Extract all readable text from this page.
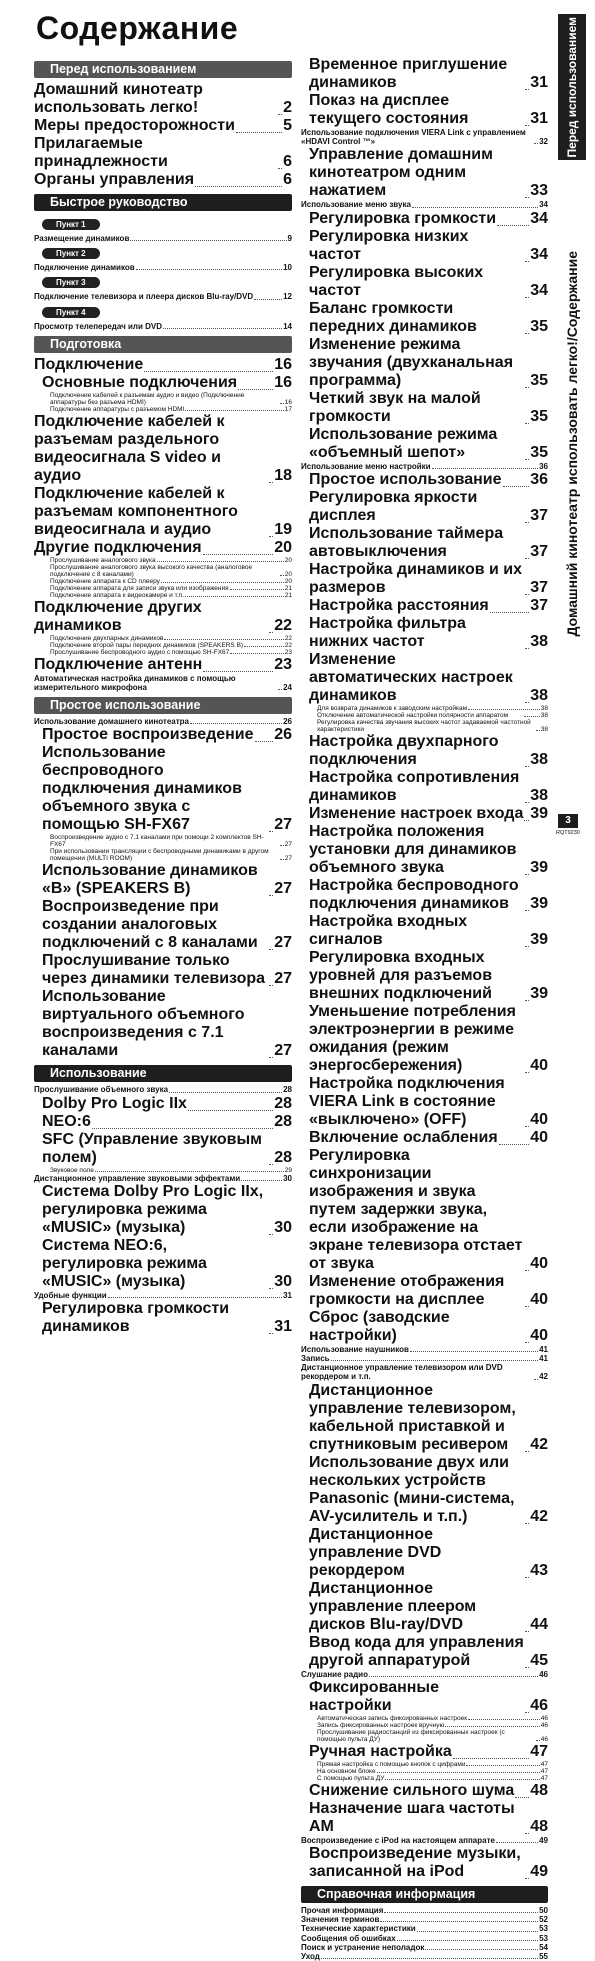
Содержание
Перед использованием
Домашний кинотеатр использовать легко!	2
Меры предосторожности	5
Прилагаемые принадлежности	6
Органы управления	6
Быстрое руководство
Пункт 1
Размещение динамиков	9
Пункт 2
Подключение динамиков	10
Пункт 3
Подключение телевизора и плеера дисков Blu-ray/DVD	12
Пункт 4
Просмотр телепередач или DVD	14
Подготовка
Подключение	16
Основные подключения 16
Подключение кабелей к разъемам аудио и видео (Подключение аппаратуры без разъема HDMI)	16
Подключение аппаратуры с разъемом HDMI	17
Подключение кабелей к разъемам раздельного видеосигнала S video и аудио	18
Подключение кабелей к разъемам компонентного видеосигнала и аудио	19
Другие подключения	20
Прослушивание аналогового звука	20
Прослушивание аналогового звука высокого качества (аналоговое подключение с 8 каналами)	20
Подключение аппарата к CD плееру	20
Подключение аппарата для записи звука или изображения	21
Подключение аппарата к видеокамере и т.п.	21
Подключение других динамиков	22
Подключение двухпарных динамиков	22
Подключение второй пары передних динамиков (SPEAKERS B)	22
Прослушивание беспроводного аудио с помощью SH-FX67	23
Подключение антенн	23
Автоматическая настройка динамиков с помощью измерительного микрофона	24
Простое использование
Использование домашнего кинотеатра	26
Простое воспроизведение 26
Использование беспроводного подключения динамиков объемного звука с помощью SH-FX67	27
Воспроизведение аудио с 7.1 каналами при помощи 2 комплектов SH-FX67	27
При использовании трансляции с беспроводными динамиками в другом помещении (MULTI ROOM)	27
Использование динамиков «B» (SPEAKERS B)	27
Воспроизведение при создании аналоговых подключений с 8 каналами	27
Прослушивание только через динамики телевизора 27
Использование виртуального объемного воспроизведения с 7.1 каналами	27
Использование
Прослушивание объемного звука	28
Dolby Pro Logic IIx	28
NEO:6	28
SFC (Управление звуковым полем)	28
Звуковое поле	29
Дистанционное управление звуковыми эффектами	30
Система Dolby Pro Logic IIx, регулировка режима «MUSIC» (музыка)	30
Система NEO:6, регулировка режима «MUSIC» (музыка)	30
Удобные функции	31
Регулировка громкости динамиков	31
Временное приглушение динамиков	31
Показ на дисплее текущего состояния	31
Использование подключения VIERA Link с управлением «HDAVI Control ™»	32
Управление домашним кинотеатром одним нажатием	33
Использование меню звука	34
Регулировка громкости 34
Регулировка низких частот	34
Регулировка высоких частот	34
Баланс громкости передних динамиков	35
Изменение режима звучания (двухканальная программа)	35
Четкий звук на малой громкости	35
Использование режима «объемный шепот»	35
Использование меню настройки	36
Простое использование 36
Регулировка яркости дисплея	37
Использование таймера автовыключения	37
Настройка динамиков и их размеров	37
Настройка расстояния	37
Настройка фильтра нижних частот	38
Изменение автоматических настроек динамиков	38
Для возврата динамиков к заводским настройкам	38
Отключение автоматической настройки полярности аппаратом	38
Регулировка качества звучания высоких частот задаваемой частотной характеристики	38
Настройка двухпарного подключения	38
Настройка сопротивления динамиков	38
Изменение настроек входа 39
Настройка положения установки для динамиков объемного звука	39
Настройка беспроводного подключения динамиков	39
Настройка входных сигналов	39
Регулировка входных уровней для разъемов внешних подключений	39
Уменьшение потребления электроэнергии в режиме ожидания (режим энергосбережения)	40
Настройка подключения VIERA Link в состояние «выключено» (OFF)	40
Включение ослабления 40
Регулировка синхронизации изображения и звука путем задержки звука, если изображение на экране телевизора отстает от звука	40
Изменение отображения громкости на дисплее	40
Сброс (заводские настройки)	40
Использование наушников	41
Запись	41
Дистанционное управление телевизором или DVD рекордером и т.п.	42
Дистанционное управление телевизором, кабельной приставкой и спутниковым ресивером	42
Использование двух или нескольких устройств Panasonic (мини-система, AV-усилитель и т.п.)	42
Дистанционное управление DVD рекордером	43
Дистанционное управление плеером дисков Blu-ray/DVD	44
Ввод кода для управления другой аппаратурой	45
Слушание радио	46
Фиксированные настройки	46
Автоматическая запись фиксированных настроек	46
Запись фиксированных настроек вручную	46
Прослушивание радиостанций из фиксированных настроек (с помощью пульта ДУ)	46
Ручная настройка	47
Прямая настройка с помощью кнопок с цифрами	47
На основном блоке	47
С помощью пульта ДУ	47
Снижение сильного шума 48
Назначение шага частоты AM	48
Воспроизведение с iPod на настоящем аппарате	49
Воспроизведение музыки, записанной на iPod	49
Справочная информация
Прочая информация	50
Значения терминов	52
Технические характеристики	53
Сообщения об ошибках	53
Поиск и устранение неполадок	54
Уход	55
Перед использованием
Домашний кинотеатр использовать легко!/Содержание
3
RQT9230
